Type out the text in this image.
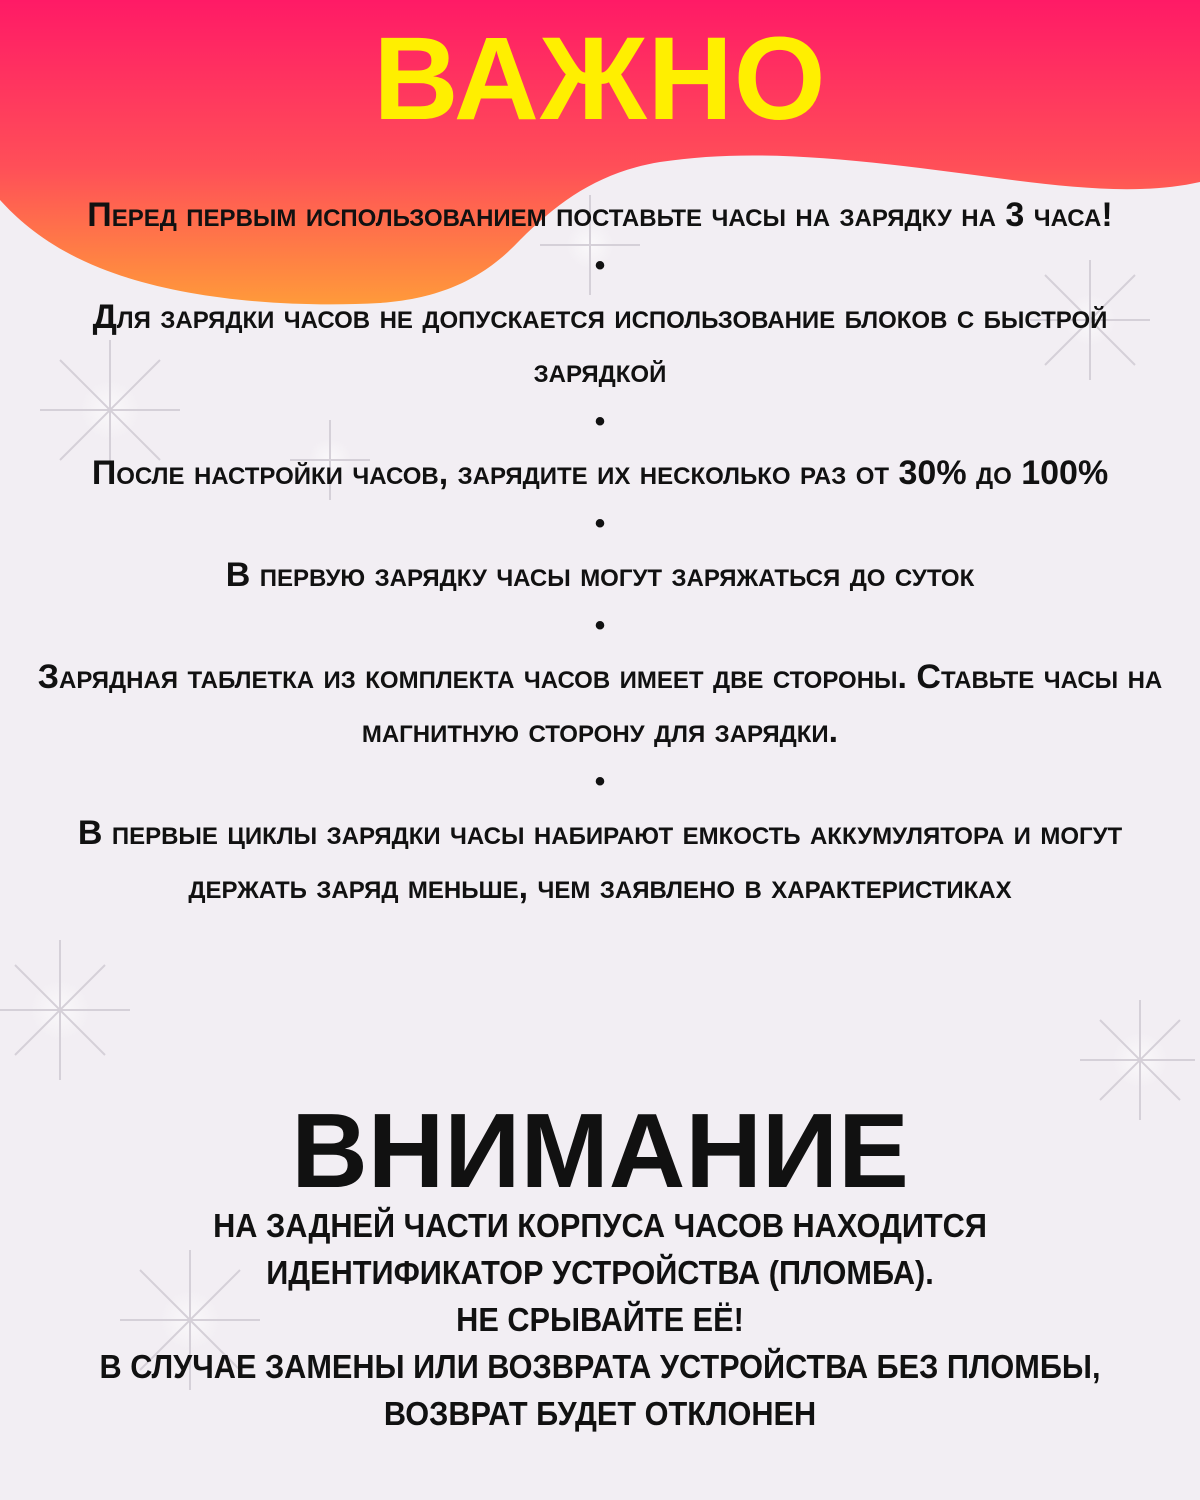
ВАЖНО

Перед первым использованием поставьте часы на зарядку на 3 часа!

•

Для зарядки часов не допускается использование блоков с быстрой зарядкой

•

После настройки часов, зарядите их несколько раз от 30% до 100%

•

В первую зарядку часы могут заряжаться до суток

•

Зарядная таблетка из комплекта часов имеет две стороны. Ставьте часы на магнитную сторону для зарядки.

•

В первые циклы зарядки часы набирают емкость аккумулятора и могут держать заряд меньше, чем заявлено в характеристиках

ВНИМАНИЕ

НА ЗАДНЕЙ ЧАСТИ КОРПУСА ЧАСОВ НАХОДИТСЯ

ИДЕНТИФИКАТОР УСТРОЙСТВА (ПЛОМБА).

НЕ СРЫВАЙТЕ ЕЁ!

В СЛУЧАЕ ЗАМЕНЫ ИЛИ ВОЗВРАТА УСТРОЙСТВА БЕЗ ПЛОМБЫ,

ВОЗВРАТ БУДЕТ ОТКЛОНЕН
